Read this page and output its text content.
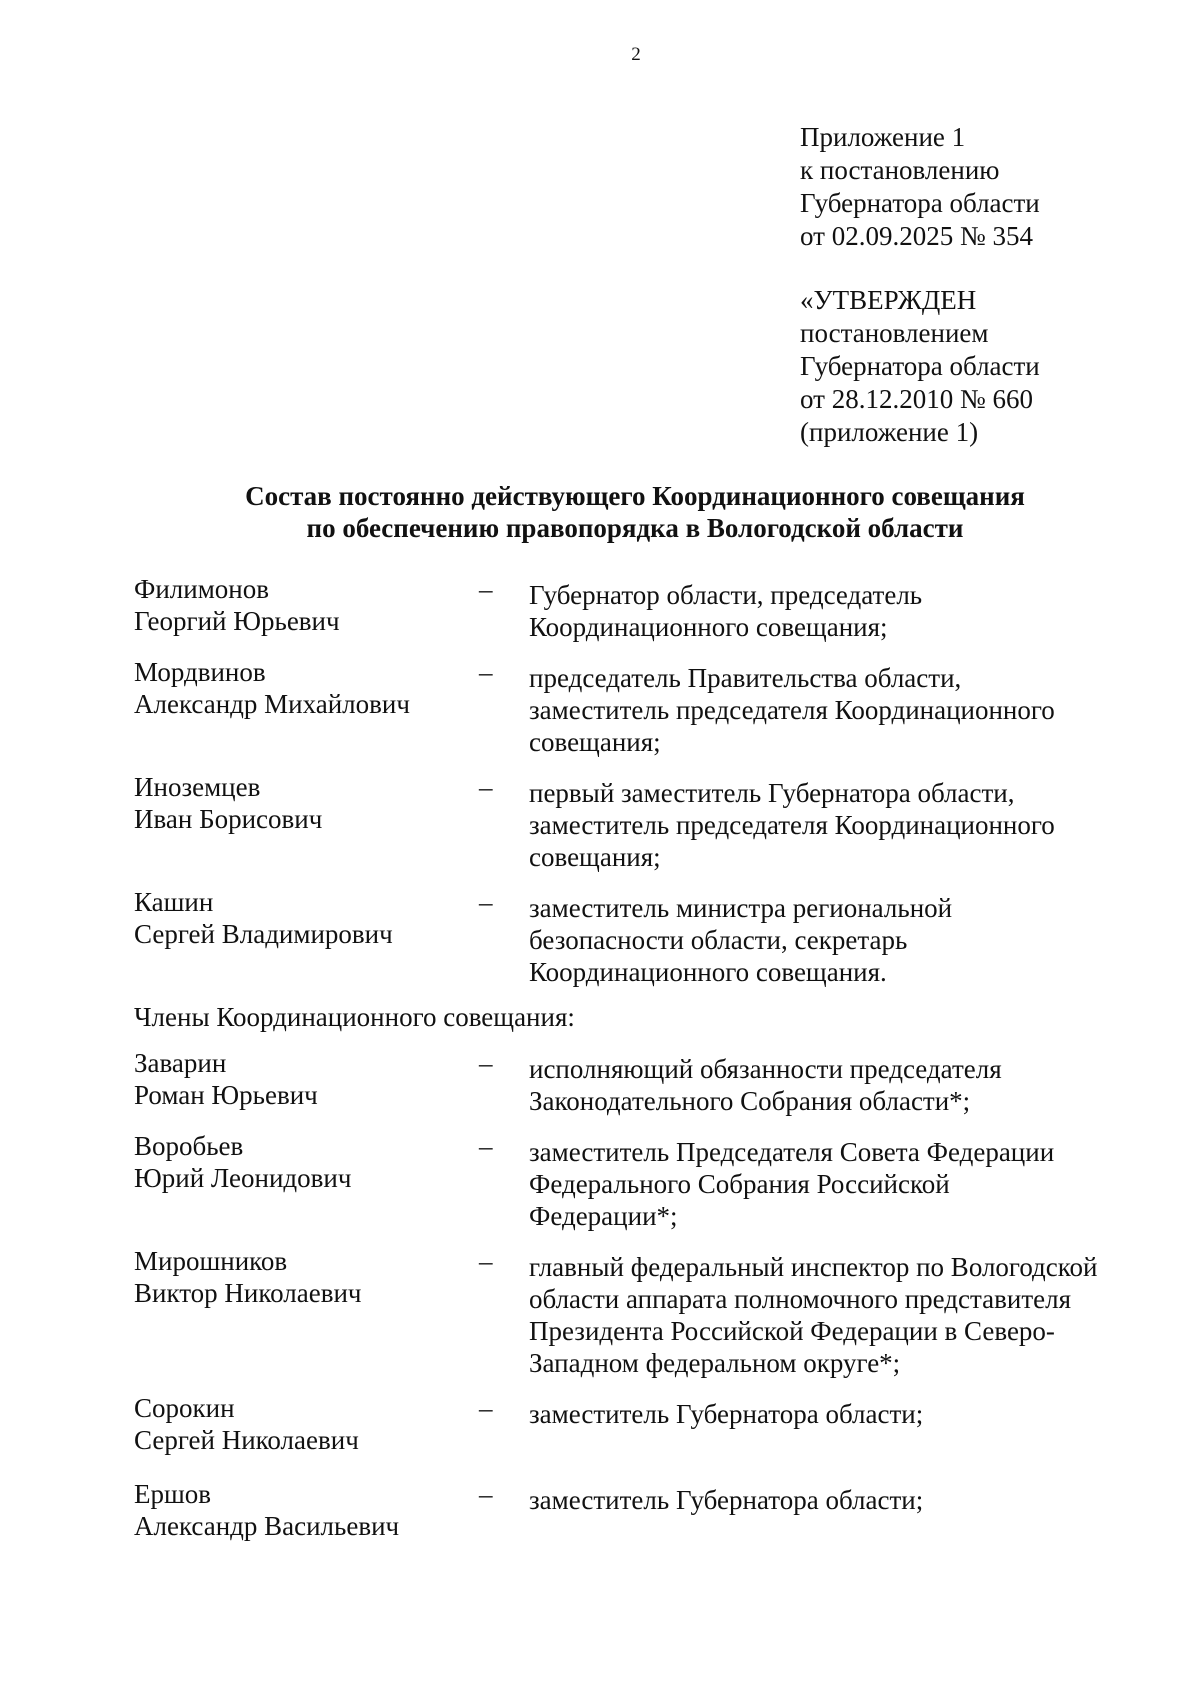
2
Приложение 1
к постановлению
Губернатора области
от 02.09.2025 № 354
«УТВЕРЖДЕН
постановлением
Губернатора области
от 28.12.2010 № 660
(приложение 1)
Состав постоянно действующего Координационного совещания
по обеспечению правопорядка в Вологодской области
Филимонов
Георгий Юрьевич
–	Губернатор области, председатель
Координационного совещания;
Мордвинов
Александр Михайлович
–	председатель Правительства области,
заместитель председателя Координационного
совещания;
Иноземцев
Иван Борисович
–	первый заместитель Губернатора области,
заместитель председателя Координационного
совещания;
Кашин
Сергей Владимирович
–	заместитель министра региональной
безопасности области, секретарь
Координационного совещания.
Члены Координационного совещания:
Заварин
Роман Юрьевич
–	исполняющий обязанности председателя
Законодательного Собрания области*;
Воробьев
Юрий Леонидович
–	заместитель Председателя Совета Федерации
Федерального Собрания Российской
Федерации*;
Мирошников
Виктор Николаевич
–	главный федеральный инспектор по Вологодской
области аппарата полномочного представителя
Президента Российской Федерации в Северо-
Западном федеральном округе*;
Сорокин
Сергей Николаевич
–	заместитель Губернатора области;
Ершов
Александр Васильевич
–	заместитель Губернатора области;
